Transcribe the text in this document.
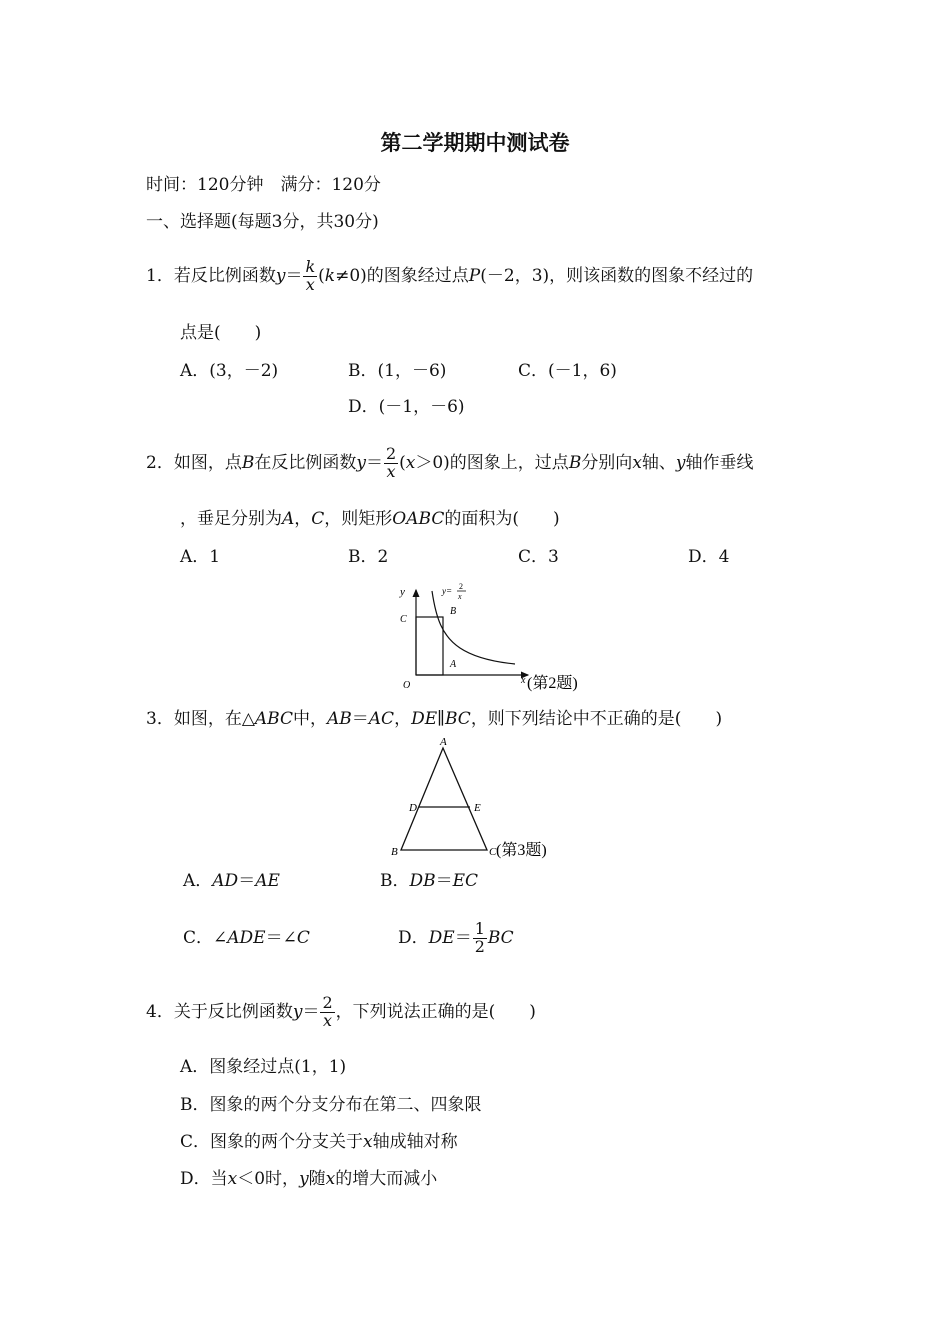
第二学期期中测试卷
时间：120分钟　满分：120分
一、选择题(每题3分，共30分)
1．若反比例函数$y= \frac{k}{x} (k\ne 0)$的图象经过点P(－2，3)，则该函数的图象不经过的
点是(　　)
A．(3，－2)	B．(1，－6)	C．(－1，6)
D．(－1，－6)
2．如图，点B在反比例函数$y= \frac{2}{x} (x>0)$的图象上，过点B分别向x轴、y轴作垂线
，垂足分别为A，C，则矩形OABC的面积为(　　)
A．1	B．2	C．3	D．4
y
x
O
A
B
C
y= 2
x
(第2题)
3．如图，在△ABC中，AB＝AC，DE∥BC，则下列结论中不正确的是(　　)
A
B	C
D	E
(第3题)
A．AD＝AE	B．DB＝EC
C．∠ADE＝∠C	D．$DE= \frac{1}{2}$ BC
4．关于反比例函数$y= \frac{2}{x}$ ，下列说法正确的是(　　)
A．图象经过点(1，1)
B．图象的两个分支分布在第二、四象限
C．图象的两个分支关于x轴成轴对称
D．当x＜0时，y随x的增大而减小
